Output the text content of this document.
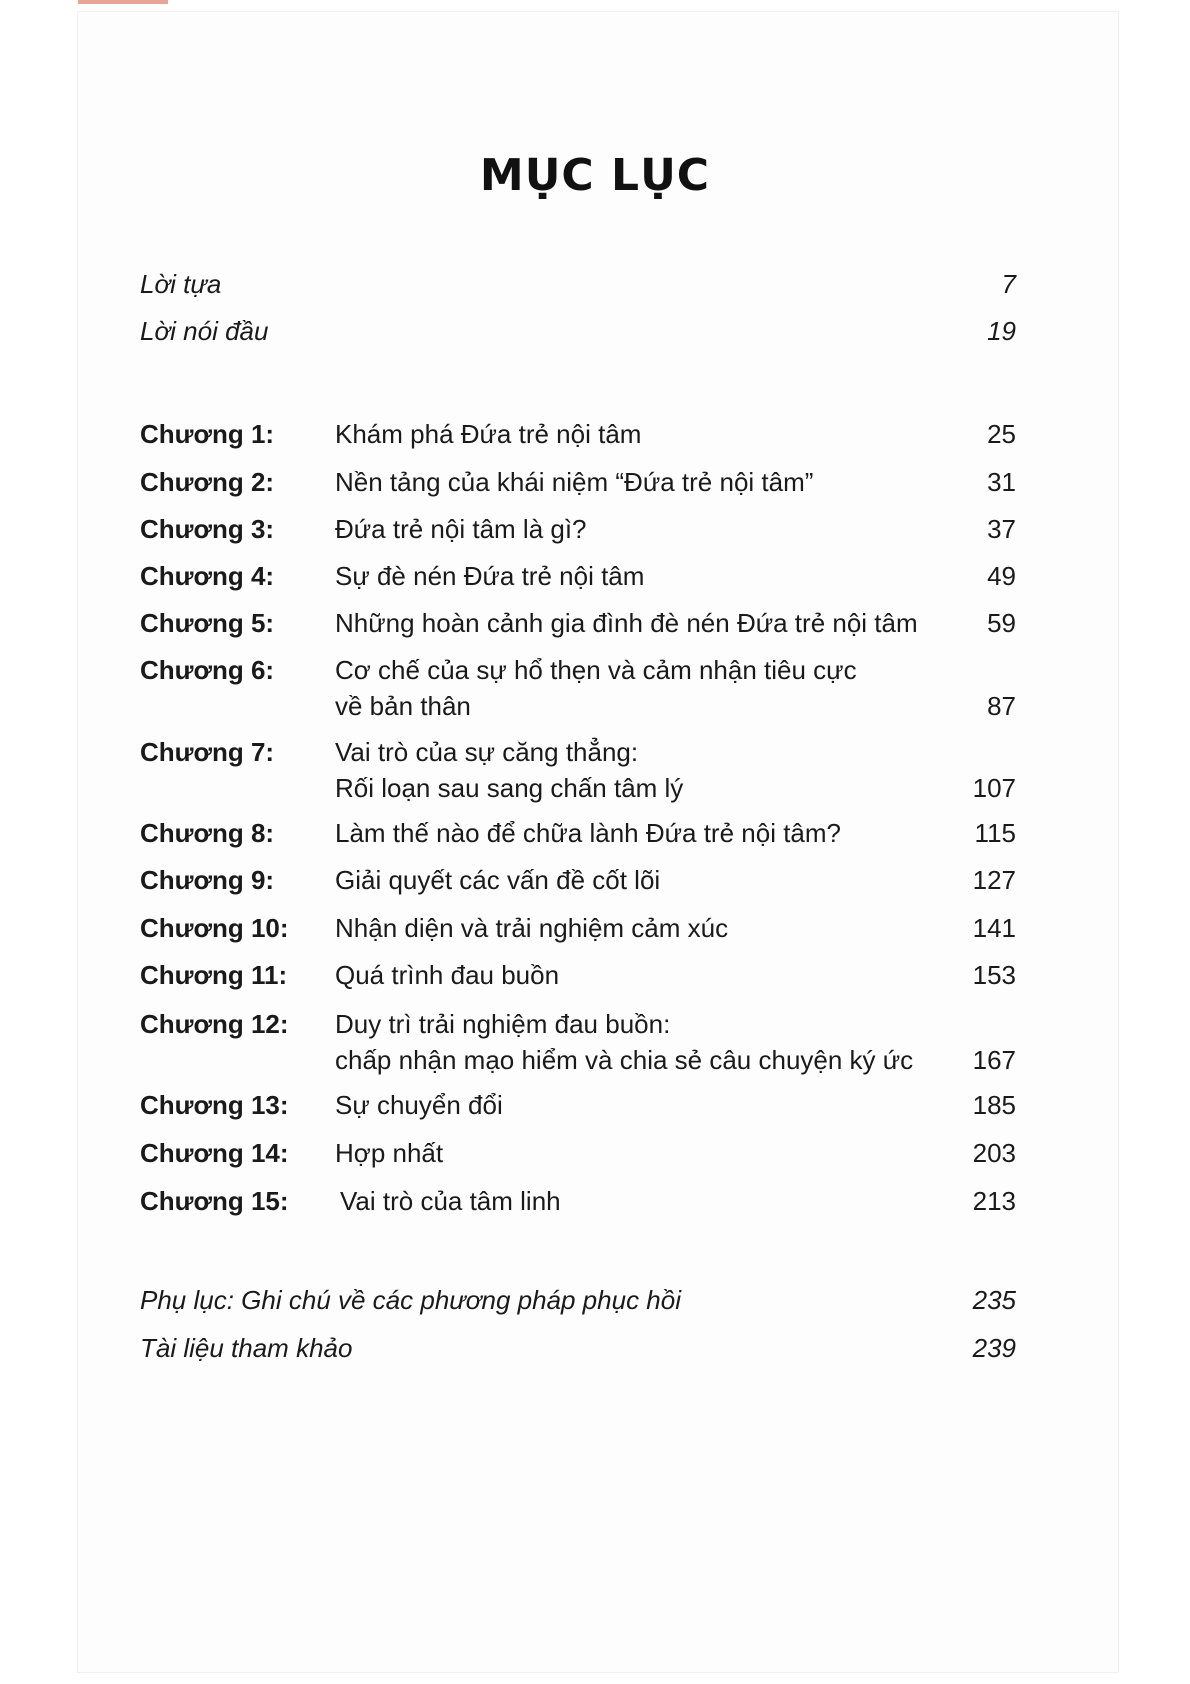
MỤC LỤC
Lời tựa	7
Lời nói đầu	19
Chương 1: Khám phá Đứa trẻ nội tâm	25
Chương 2: Nền tảng của khái niệm “Đứa trẻ nội tâm”	31
Chương 3: Đứa trẻ nội tâm là gì?	37
Chương 4: Sự đè nén Đứa trẻ nội tâm	49
Chương 5: Những hoàn cảnh gia đình đè nén Đứa trẻ nội tâm	59
Chương 6: Cơ chế của sự hổ thẹn và cảm nhận tiêu cực
về bản thân	87
Chương 7: Vai trò của sự căng thẳng:
Rối loạn sau sang chấn tâm lý	107
Chương 8: Làm thế nào để chữa lành Đứa trẻ nội tâm?	115
Chương 9: Giải quyết các vấn đề cốt lõi	127
Chương 10: Nhận diện và trải nghiệm cảm xúc	141
Chương 11: Quá trình đau buồn	153
Chương 12: Duy trì trải nghiệm đau buồn:
chấp nhận mạo hiểm và chia sẻ câu chuyện ký ức 167
Chương 13: Sự chuyển đổi	185
Chương 14: Hợp nhất	203
Chương 15: Vai trò của tâm linh	213
Phụ lục: Ghi chú về các phương pháp phục hồi	235
Tài liệu tham khảo	239
